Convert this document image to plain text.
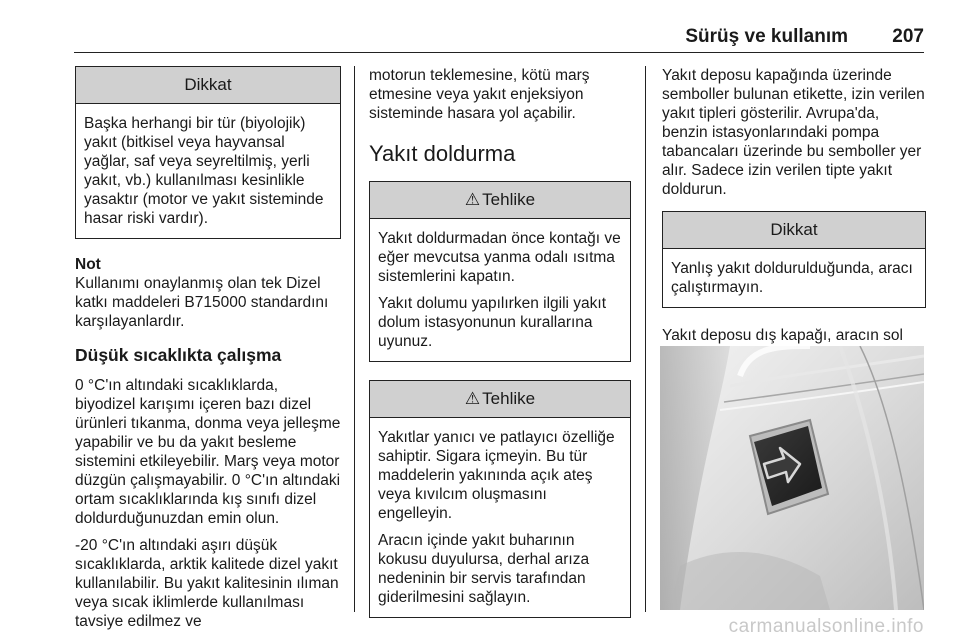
Sürüş ve kullanım 207
Dikkat

Başka herhangi bir tür (biyolojik) yakıt (bitkisel veya hayvansal yağlar, saf veya seyreltilmiş, yerli yakıt, vb.) kullanılması kesinlikle yasaktır (motor ve yakıt sisteminde hasar riski vardır).

Not

Kullanımı onaylanmış olan tek Dizel katkı maddeleri B715000 standardını karşılayanlardır.

Düşük sıcaklıkta çalışma

0 °C'ın altındaki sıcaklıklarda, biyodizel karışımı içeren bazı dizel ürünleri tıkanma, donma veya jelleşme yapabilir ve bu da yakıt besleme sistemini etkileyebilir. Marş veya motor düzgün çalışmayabilir. 0 °C'ın altındaki ortam sıcaklıklarında kış sınıfı dizel doldurduğunuzdan emin olun.

-20 °C'ın altındaki aşırı düşük sıcaklıklarda, arktik kalitede dizel yakıt kullanılabilir. Bu yakıt kalitesinin ılıman veya sıcak iklimlerde kullanılması tavsiye edilmez ve

motorun teklemesine, kötü marş etmesine veya yakıt enjeksiyon sisteminde hasara yol açabilir.

Yakıt doldurma
⚠ Tehlike

Yakıt doldurmadan önce kontağı ve eğer mevcutsa yanma odalı ısıtma sistemlerini kapatın.

Yakıt dolumu yapılırken ilgili yakıt dolum istasyonunun kurallarına uyunuz.

⚠ Tehlike

Yakıtlar yanıcı ve patlayıcı özelliğe sahiptir. Sigara içmeyin. Bu tür maddelerin yakınında açık ateş veya kıvılcım oluşmasını engelleyin.

Aracın içinde yakıt buharının kokusu duyulursa, derhal arıza nedeninin bir servis tarafından giderilmesini sağlayın.

Yakıt deposu kapağında üzerinde semboller bulunan etikette, izin verilen yakıt tipleri gösterilir. Avrupa'da, benzin istasyonlarındaki pompa tabancaları üzerinde bu semboller yer alır. Sadece izin verilen tipte yakıt doldurun.

Dikkat

Yanlış yakıt doldurulduğunda, aracı çalıştırmayın.

Yakıt deposu dış kapağı, aracın sol

carmanualsonline.info
